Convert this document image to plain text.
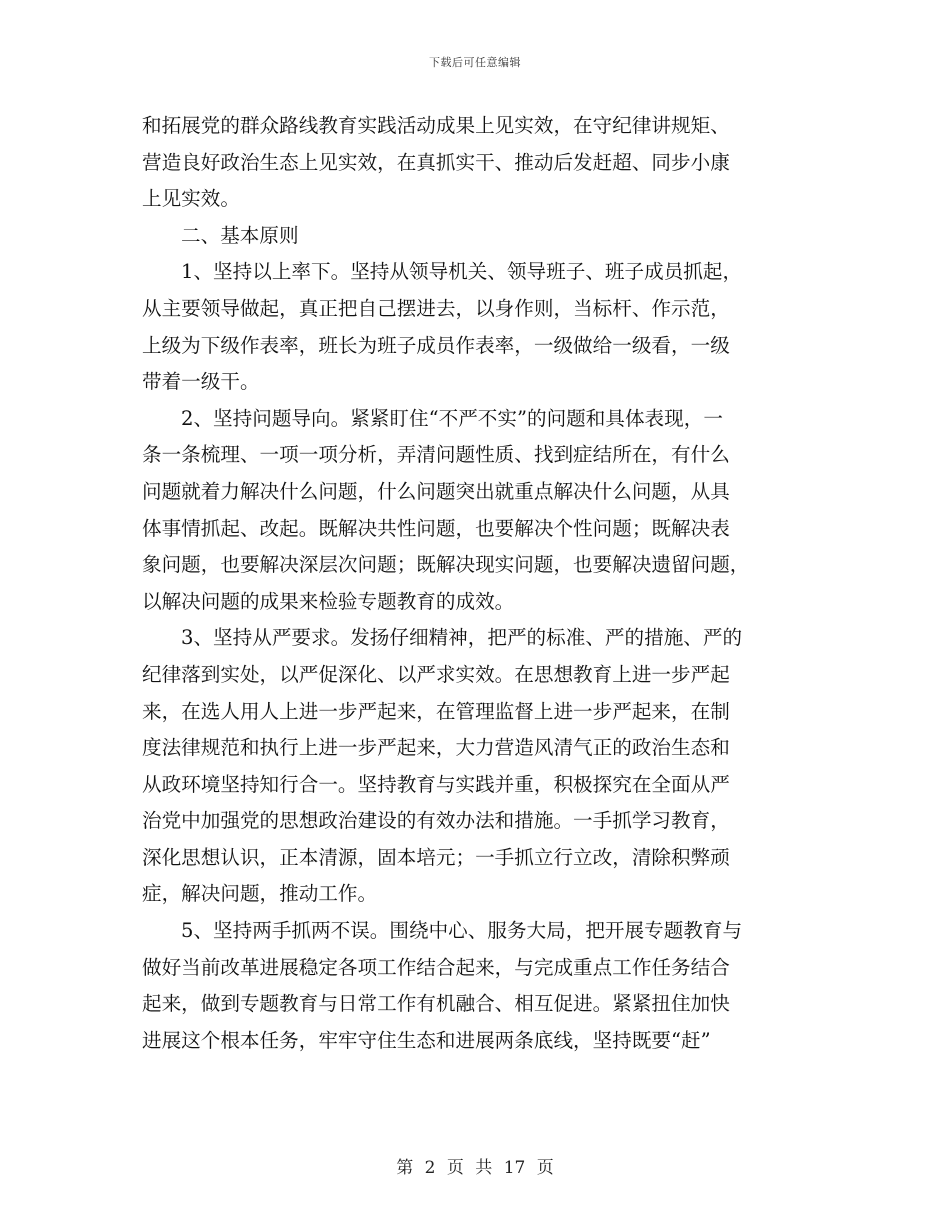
下载后可任意编辑
和拓展党的群众路线教育实践活动成果上见实效，在守纪律讲规矩、
营造良好政治生态上见实效，在真抓实干、推动后发赶超、同步小康
上见实效。
二、基本原则
1、坚持以上率下。坚持从领导机关、领导班子、班子成员抓起，
从主要领导做起，真正把自己摆进去，以身作则，当标杆、作示范，
上级为下级作表率，班长为班子成员作表率，一级做给一级看，一级
带着一级干。
2、坚持问题导向。紧紧盯住“不严不实”的问题和具体表现，一
条一条梳理、一项一项分析，弄清问题性质、找到症结所在，有什么
问题就着力解决什么问题，什么问题突出就重点解决什么问题，从具
体事情抓起、改起。既解决共性问题，也要解决个性问题；既解决表
象问题，也要解决深层次问题；既解决现实问题，也要解决遗留问题，
以解决问题的成果来检验专题教育的成效。
3、坚持从严要求。发扬仔细精神，把严的标准、严的措施、严的
纪律落到实处，以严促深化、以严求实效。在思想教育上进一步严起
来，在选人用人上进一步严起来，在管理监督上进一步严起来，在制
度法律规范和执行上进一步严起来，大力营造风清气正的政治生态和
从政环境坚持知行合一。坚持教育与实践并重，积极探究在全面从严
治党中加强党的思想政治建设的有效办法和措施。一手抓学习教育，
深化思想认识，正本清源，固本培元；一手抓立行立改，清除积弊顽
症，解决问题，推动工作。
5、坚持两手抓两不误。围绕中心、服务大局，把开展专题教育与
做好当前改革进展稳定各项工作结合起来，与完成重点工作任务结合
起来，做到专题教育与日常工作有机融合、相互促进。紧紧扭住加快
进展这个根本任务，牢牢守住生态和进展两条底线，坚持既要“赶”
第 2 页 共 17 页
